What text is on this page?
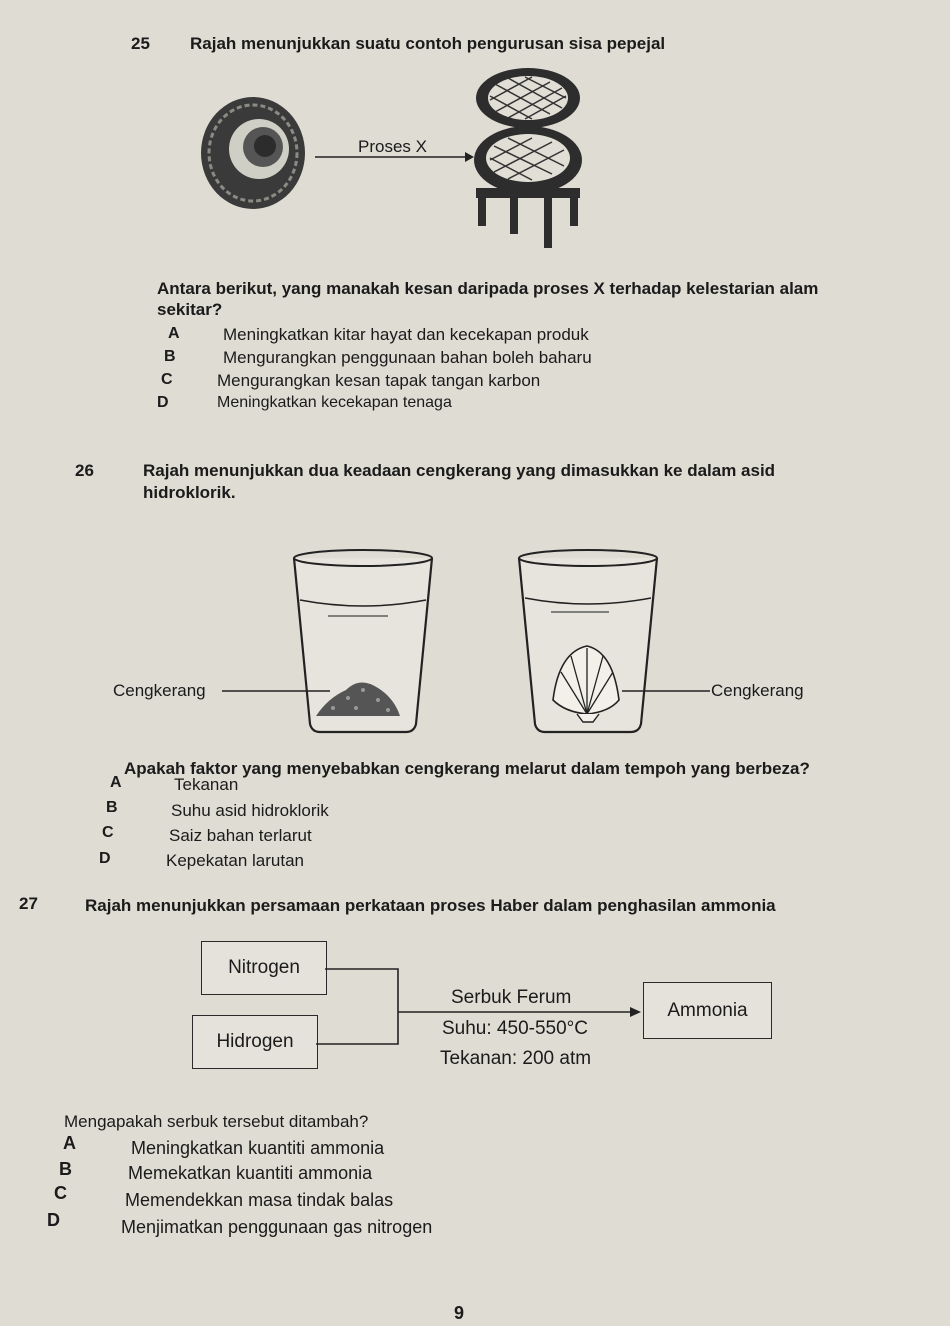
25 Rajah menunjukkan suatu contoh pengurusan sisa pepejal
Proses X
Antara berikut, yang manakah kesan daripada proses X terhadap kelestarian alam
sekitar?
A	Meningkatkan kitar hayat dan kecekapan produk
B	Mengurangkan penggunaan bahan boleh baharu
C	Mengurangkan kesan tapak tangan karbon
D	Meningkatkan kecekapan tenaga
26	Rajah menunjukkan dua keadaan cengkerang yang dimasukkan ke dalam asid
hidroklorik.
Cengkerang	Cengkerang
Apakah faktor yang menyebabkan cengkerang melarut dalam tempoh yang berbeza?
A	Tekanan
B	Suhu asid hidroklorik
C	Saiz bahan terlarut
D	Kepekatan larutan
27	Rajah menunjukkan persamaan perkataan proses Haber dalam penghasilan ammonia
Nitrogen
Hidrogen
Ammonia
Serbuk Ferum
Suhu: 450-550°C
Tekanan: 200 atm
Mengapakah serbuk tersebut ditambah?
A	Meningkatkan kuantiti ammonia
B	Memekatkan kuantiti ammonia
C	Memendekkan masa tindak balas
D	Menjimatkan penggunaan gas nitrogen
9
